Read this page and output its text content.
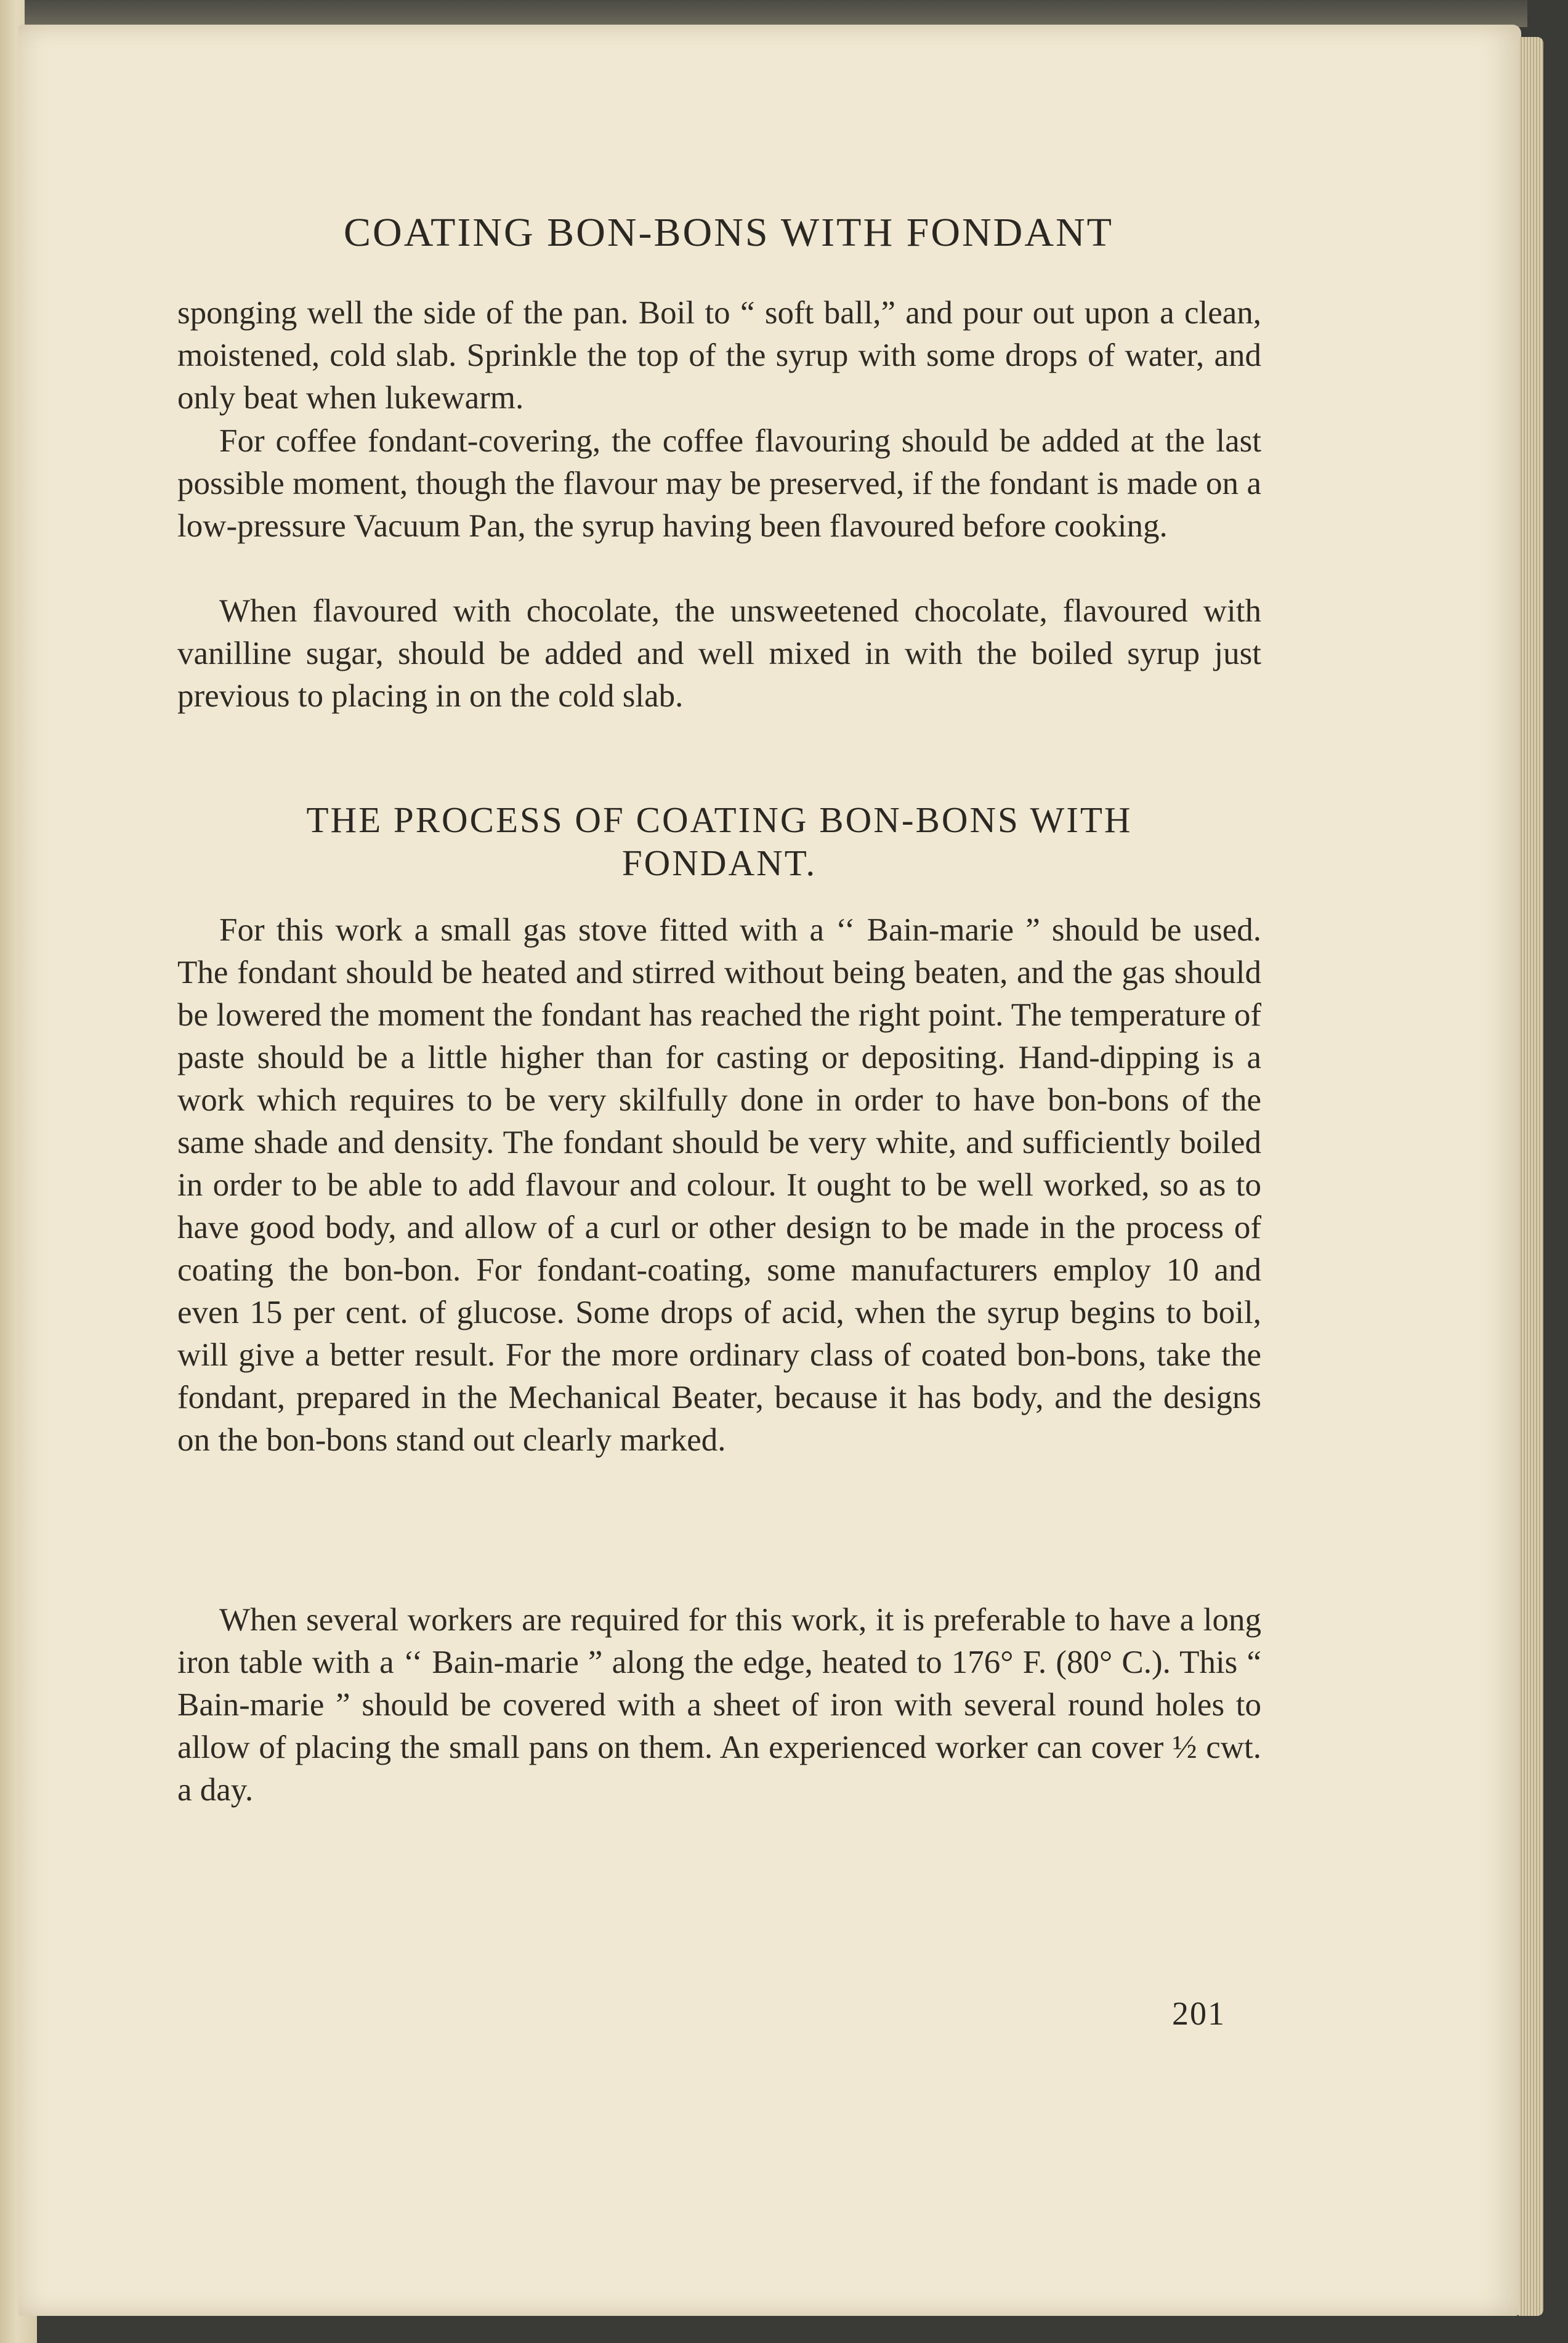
COATING BON-BONS WITH FONDANT

sponging well the side of the pan. Boil to “ soft ball,” and pour out upon a clean, moistened, cold slab. Sprinkle the top of the syrup with some drops of water, and only beat when lukewarm.

For coffee fondant-covering, the coffee flavouring should be added at the last possible moment, though the flavour may be preserved, if the fondant is made on a low-pressure Vacuum Pan, the syrup having been flavoured before cooking.

When flavoured with chocolate, the unsweetened chocolate, flavoured with vanilline sugar, should be added and well mixed in with the boiled syrup just previous to placing in on the cold slab.

THE PROCESS OF COATING BON-BONS WITH
FONDANT.

For this work a small gas stove fitted with a ‘‘ Bain-marie ” should be used. The fondant should be heated and stirred without being beaten, and the gas should be lowered the moment the fondant has reached the right point. The temperature of paste should be a little higher than for casting or depositing. Hand-dipping is a work which requires to be very skilfully done in order to have bon-bons of the same shade and density. The fondant should be very white, and sufficiently boiled in order to be able to add flavour and colour. It ought to be well worked, so as to have good body, and allow of a curl or other design to be made in the process of coating the bon-bon. For fondant-coating, some manufacturers employ 10 and even 15 per cent. of glucose. Some drops of acid, when the syrup begins to boil, will give a better result. For the more ordinary class of coated bon-bons, take the fondant, prepared in the Mechanical Beater, because it has body, and the designs on the bon-bons stand out clearly marked.

When several workers are required for this work, it is preferable to have a long iron table with a ‘‘ Bain-marie ” along the edge, heated to 176° F. (80° C.). This “ Bain-marie ” should be covered with a sheet of iron with several round holes to allow of placing the small pans on them. An experienced worker can cover ½ cwt. a day.

201
